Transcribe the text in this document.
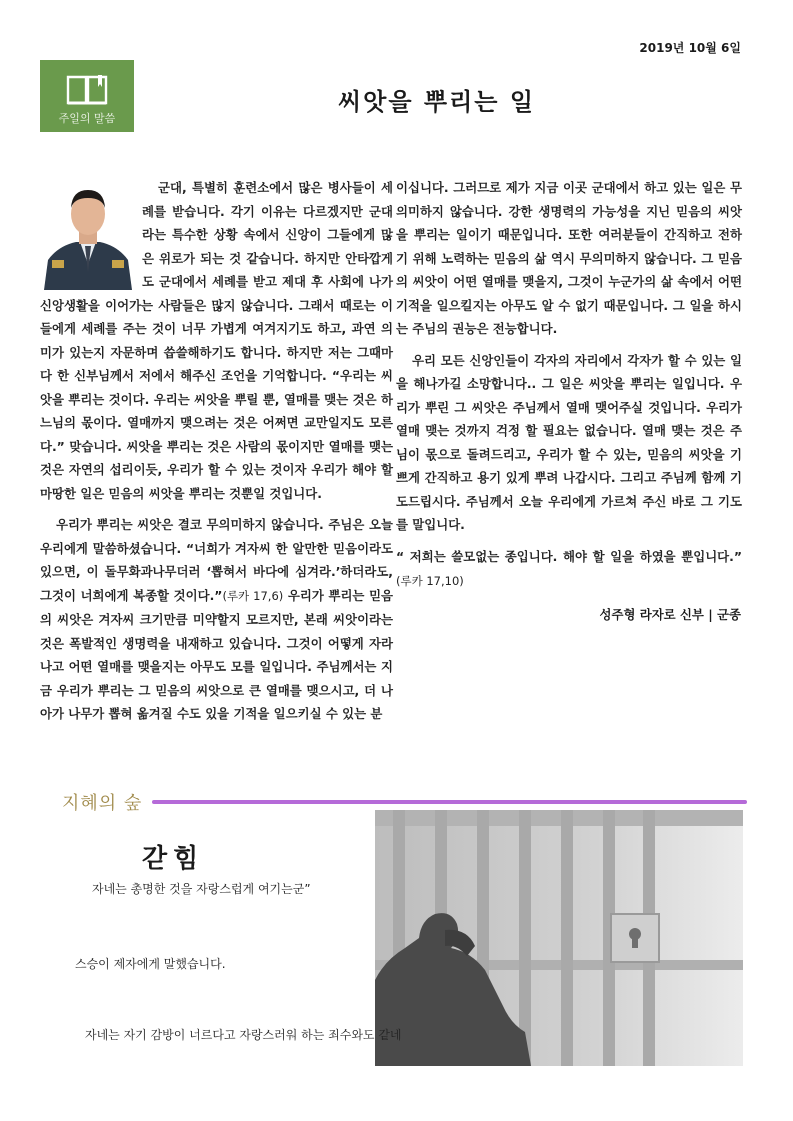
2019년 10월 6일
주일의 말씀
씨앗을 뿌리는 일

군대, 특별히 훈련소에서 많은 병사들이 세례를 받습니다. 각기 이유는 다르겠지만 군대라는 특수한 상황 속에서 신앙이 그들에게 많은 위로가 되는 것 같습니다. 하지만 안타깝게도 군대에서 세례를 받고 제대 후 사회에 나가 신앙생활을 이어가는 사람들은 많지 않습니다. 그래서 때로는 이들에게 세례를 주는 것이 너무 가볍게 여겨지기도 하고, 과연 의미가 있는지 자문하며 씁쓸해하기도 합니다. 하지만 저는 그때마다 한 신부님께서 저에서 해주신 조언을 기억합니다. “우리는 씨앗을 뿌리는 것이다. 우리는 씨앗을 뿌릴 뿐, 열매를 맺는 것은 하느님의 몫이다. 열매까지 맺으려는 것은 어쩌면 교만일지도 모른다.” 맞습니다. 씨앗을 뿌리는 것은 사람의 몫이지만 열매를 맺는 것은 자연의 섭리이듯, 우리가 할 수 있는 것이자 우리가 해야 할 마땅한 일은 믿음의 씨앗을 뿌리는 것뿐일 것입니다.

우리가 뿌리는 씨앗은 결코 무의미하지 않습니다. 주님은 오늘 우리에게 말씀하셨습니다. “너희가 겨자씨 한 알만한 믿음이라도 있으면, 이 돌무화과나무더러 ‘뽑혀서 바다에 심겨라.’하더라도, 그것이 너희에게 복종할 것이다.”(루카 17,6) 우리가 뿌리는 믿음의 씨앗은 겨자씨 크기만큼 미약할지 모르지만, 본래 씨앗이라는 것은 폭발적인 생명력을 내재하고 있습니다. 그것이 어떻게 자라나고 어떤 열매를 맺을지는 아무도 모를 일입니다. 주님께서는 지금 우리가 뿌리는 그 믿음의 씨앗으로 큰 열매를 맺으시고, 더 나아가 나무가 뽑혀 옮겨질 수도 있을 기적을 일으키실 수 있는 분

이십니다. 그러므로 제가 지금 이곳 군대에서 하고 있는 일은 무의미하지 않습니다. 강한 생명력의 가능성을 지닌 믿음의 씨앗을 뿌리는 일이기 때문입니다. 또한 여러분들이 간직하고 전하기 위해 노력하는 믿음의 삶 역시 무의미하지 않습니다. 그 믿음의 씨앗이 어떤 열매를 맺을지, 그것이 누군가의 삶 속에서 어떤 기적을 일으킬지는 아무도 알 수 없기 때문입니다. 그 일을 하시는 주님의 권능은 전능합니다.

우리 모든 신앙인들이 각자의 자리에서 각자가 할 수 있는 일을 해나가길 소망합니다.. 그 일은 씨앗을 뿌리는 일입니다. 우리가 뿌린 그 씨앗은 주님께서 열매 맺어주실 것입니다. 우리가 열매 맺는 것까지 걱정 할 필요는 없습니다. 열매 맺는 것은 주님이 몫으로 돌려드리고, 우리가 할 수 있는, 믿음의 씨앗을 기쁘게 간직하고 용기 있게 뿌려 나갑시다. 그리고 주님께 함께 기도드립시다. 주님께서 오늘 우리에게 가르쳐 주신 바로 그 기도를 말입니다.

“ 저희는 쓸모없는 종입니다. 해야 할 일을 하였을 뿐입니다.” (루카 17,10)

성주형 라자로 신부 | 군종
지혜의 숲
갇힘
자네는 총명한 것을 자랑스럽게 여기는군”
스승이 제자에게 말했습니다.
자네는 자기 감방이 너르다고 자랑스러워 하는 죄수와도 같네
